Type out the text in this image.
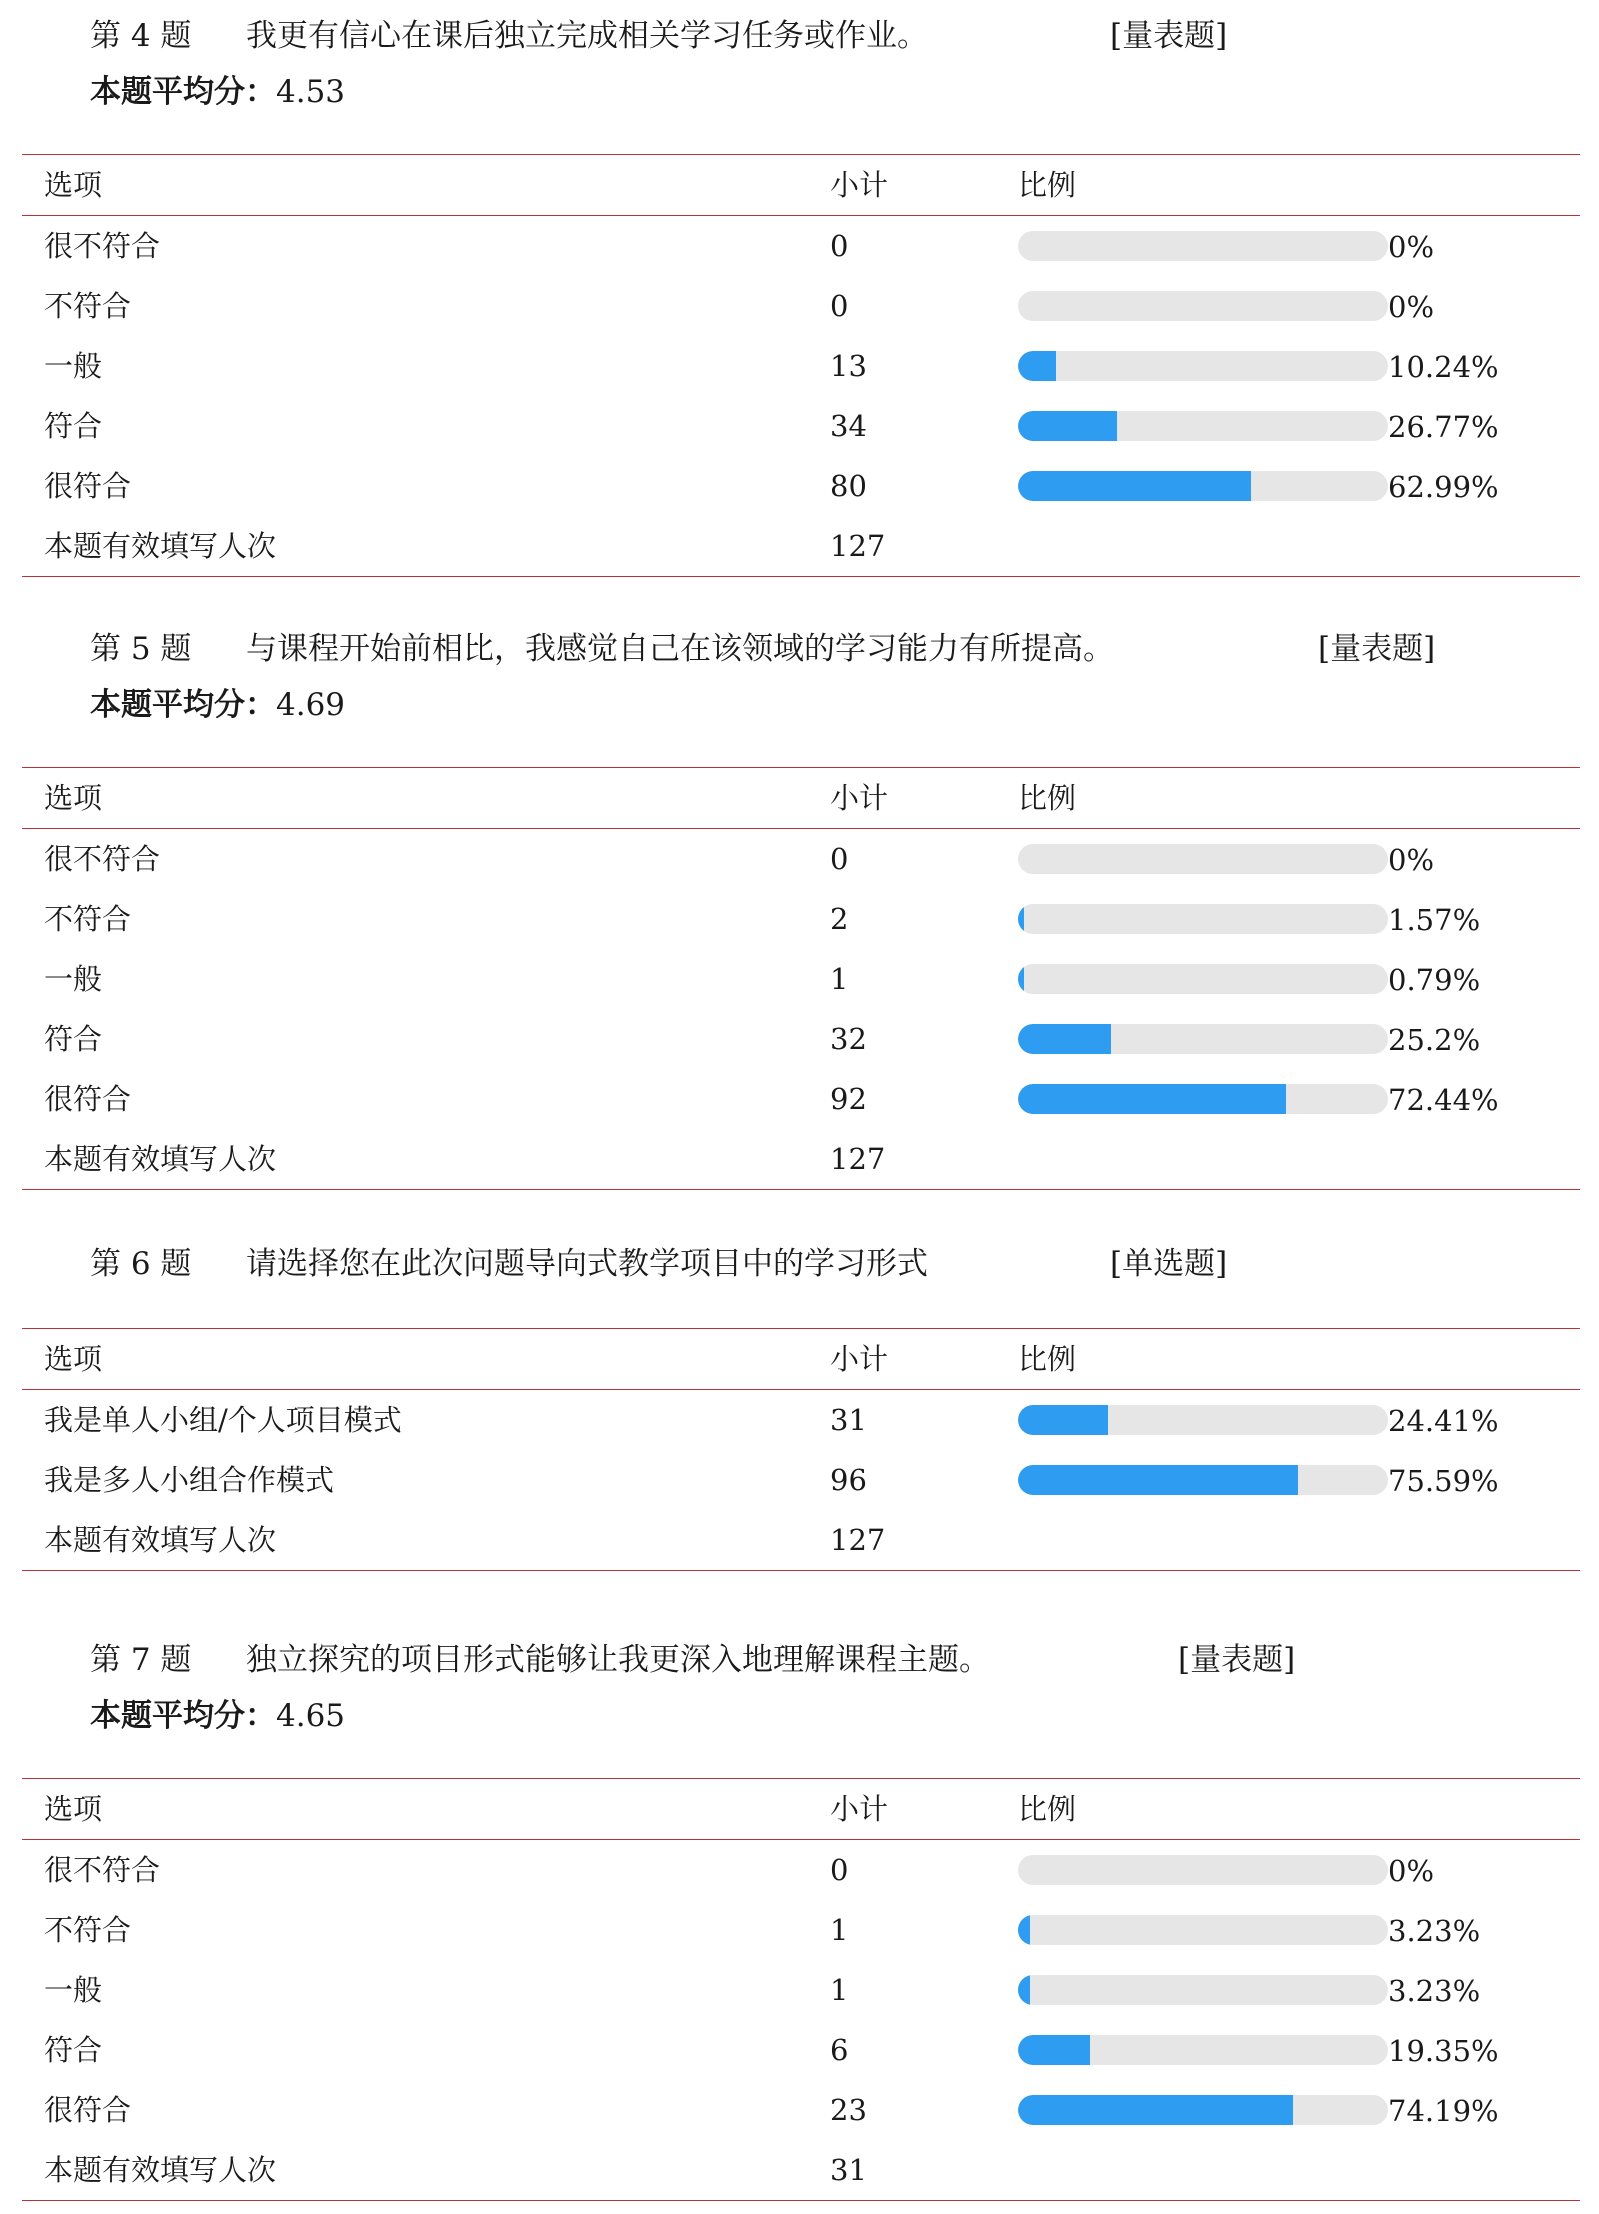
第 4 题 我更有信心在课后独立完成相关学习任务或作业。	[量表题]
本题平均分：4.53
选项	小计	比例
很不符合	0	0%
不符合	0	0%
一般	13	10.24%
符合	34	26.77%
很符合	80	62.99%
本题有效填写人次	127
第 5 题 与课程开始前相比，我感觉自己在该领域的学习能力有所提高。	[量表题]
本题平均分：4.69
选项	小计	比例
很不符合	0	0%
不符合	2	1.57%
一般	1	0.79%
符合	32	25.2%
很符合	92	72.44%
本题有效填写人次	127
第 6 题 请选择您在此次问题导向式教学项目中的学习形式	[单选题]
选项	小计	比例
我是单人小组/个人项目模式	31	24.41%
我是多人小组合作模式	96	75.59%
本题有效填写人次	127
第 7 题 独立探究的项目形式能够让我更深入地理解课程主题。	[量表题]
本题平均分：4.65
选项	小计	比例
很不符合	0	0%
不符合	1	3.23%
一般	1	3.23%
符合	6	19.35%
很符合	23	74.19%
本题有效填写人次	31
